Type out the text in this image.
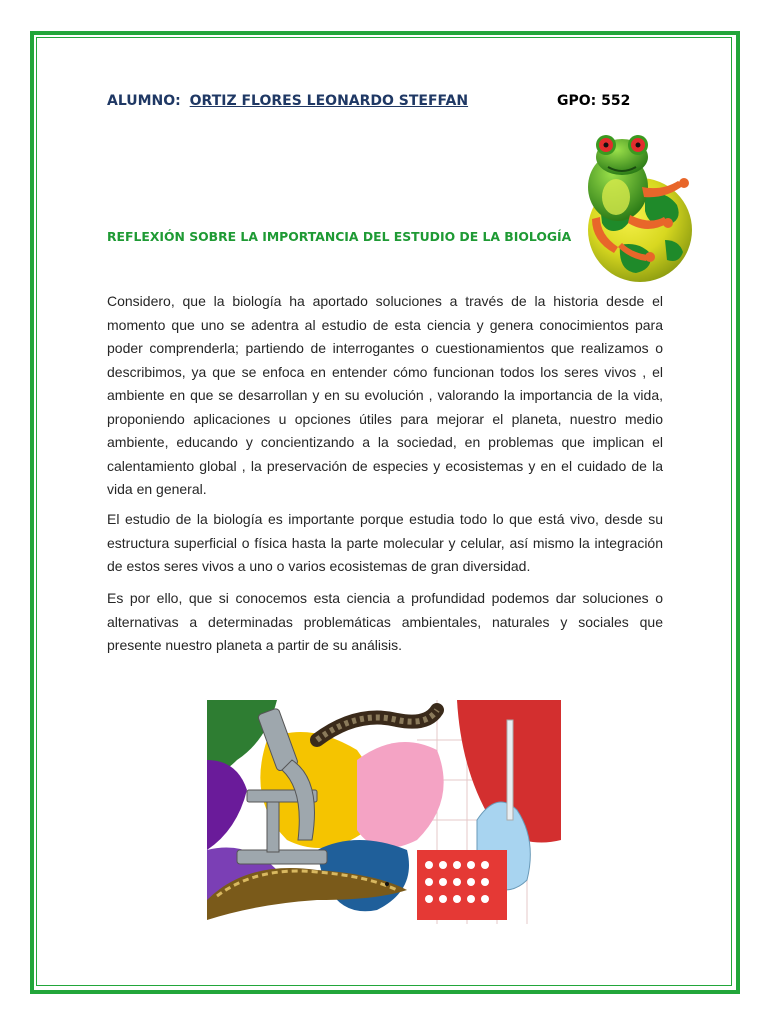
ALUMNO: ORTIZ FLORES LEONARDO STEFFAN	GPO: 552
REFLEXIÓN SOBRE LA IMPORTANCIA DEL ESTUDIO DE LA BIOLOGÍA
Considero, que la biología ha aportado soluciones a través de la historia desde el momento que uno se adentra al estudio de esta ciencia y genera conocimientos para poder comprenderla; partiendo de interrogantes o cuestionamientos que realizamos o describimos, ya que se enfoca en entender cómo funcionan todos los seres vivos , el ambiente en que se desarrollan y en su evolución , valorando la importancia de la vida, proponiendo aplicaciones u opciones útiles para mejorar el planeta, nuestro medio ambiente, educando y concientizando a la sociedad, en problemas que implican el calentamiento global , la preservación de especies y ecosistemas y en el cuidado de la vida en general.
El estudio de la biología es importante porque estudia todo lo que está vivo, desde su estructura superficial o física hasta la parte molecular y celular, así mismo la integración de estos seres vivos a uno o varios ecosistemas de gran diversidad.
Es por ello, que si conocemos esta ciencia a profundidad podemos dar soluciones o alternativas a determinadas problemáticas ambientales, naturales y sociales que presente nuestro planeta a partir de su análisis.
